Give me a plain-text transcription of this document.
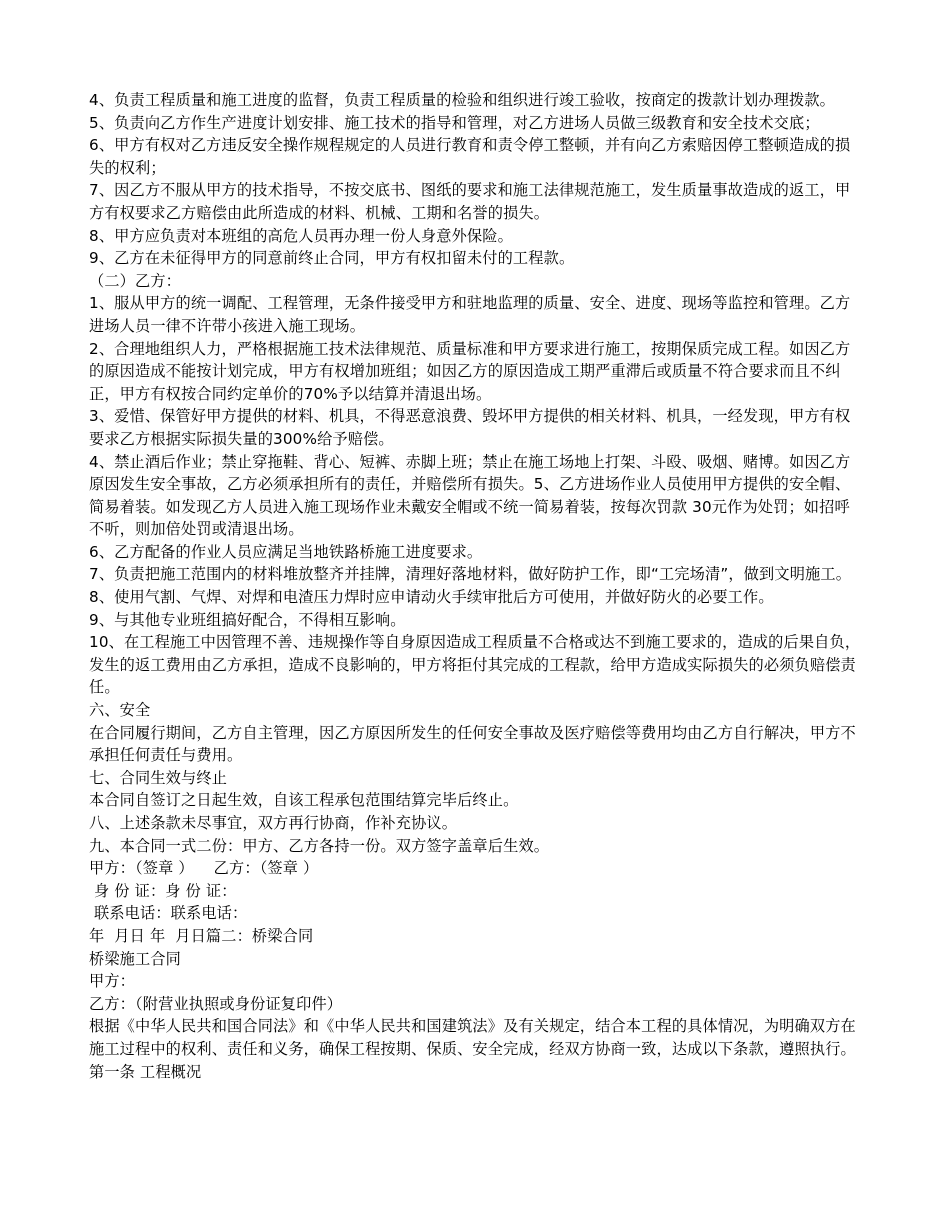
4、负责工程质量和施工进度的监督，负责工程质量的检验和组织进行竣工验收，按商定的拨款计划办理拨款。

5、负责向乙方作生产进度计划安排、施工技术的指导和管理，对乙方进场人员做三级教育和安全技术交底；

6、甲方有权对乙方违反安全操作规程规定的人员进行教育和责令停工整顿，并有向乙方索赔因停工整顿造成的损失的权利；

7、因乙方不服从甲方的技术指导，不按交底书、图纸的要求和施工法律规范施工，发生质量事故造成的返工，甲方有权要求乙方赔偿由此所造成的材料、机械、工期和名誉的损失。

8、甲方应负责对本班组的高危人员再办理一份人身意外保险。

9、乙方在未征得甲方的同意前终止合同，甲方有权扣留未付的工程款。

（二）乙方：

1、服从甲方的统一调配、工程管理，无条件接受甲方和驻地监理的质量、安全、进度、现场等监控和管理。乙方进场人员一律不许带小孩进入施工现场。

2、合理地组织人力，严格根据施工技术法律规范、质量标准和甲方要求进行施工，按期保质完成工程。如因乙方的原因造成不能按计划完成，甲方有权增加班组；如因乙方的原因造成工期严重滞后或质量不符合要求而且不纠正，甲方有权按合同约定单价的70%予以结算并清退出场。

3、爱惜、保管好甲方提供的材料、机具，不得恶意浪费、毁坏甲方提供的相关材料、机具，一经发现，甲方有权要求乙方根据实际损失量的300%给予赔偿。

4、禁止酒后作业；禁止穿拖鞋、背心、短裤、赤脚上班；禁止在施工场地上打架、斗殴、吸烟、赌博。如因乙方原因发生安全事故，乙方必须承担所有的责任，并赔偿所有损失。5、乙方进场作业人员使用甲方提供的安全帽、简易着装。如发现乙方人员进入施工现场作业未戴安全帽或不统一简易着装，按每次罚款 30元作为处罚；如招呼不听，则加倍处罚或清退出场。

6、乙方配备的作业人员应满足当地铁路桥施工进度要求。

7、负责把施工范围内的材料堆放整齐并挂牌，清理好落地材料，做好防护工作，即“工完场清”，做到文明施工。

8、使用气割、气焊、对焊和电渣压力焊时应申请动火手续审批后方可使用，并做好防火的必要工作。

9、与其他专业班组搞好配合，不得相互影响。

10、在工程施工中因管理不善、违规操作等自身原因造成工程质量不合格或达不到施工要求的，造成的后果自负，发生的返工费用由乙方承担，造成不良影响的，甲方将拒付其完成的工程款，给甲方造成实际损失的必须负赔偿责任。

六、安全

在合同履行期间，乙方自主管理，因乙方原因所发生的任何安全事故及医疗赔偿等费用均由乙方自行解决，甲方不承担任何责任与费用。

七、合同生效与终止

本合同自签订之日起生效，自该工程承包范围结算完毕后终止。

八、上述条款未尽事宜，双方再行协商，作补充协议。

九、本合同一式二份：甲方、乙方各持一份。双方签字盖章后生效。

甲方：（签章 ）    乙方：（签章 ）

身 份 证：身 份 证：

联系电话：联系电话：

年  月日 年  月日篇二：桥梁合同

桥梁施工合同

甲方：

乙方：（附营业执照或身份证复印件）

根据《中华人民共和国合同法》和《中华人民共和国建筑法》及有关规定，结合本工程的具体情况，为明确双方在施工过程中的权利、责任和义务，确保工程按期、保质、安全完成，经双方协商一致，达成以下条款，遵照执行。

第一条 工程概况
